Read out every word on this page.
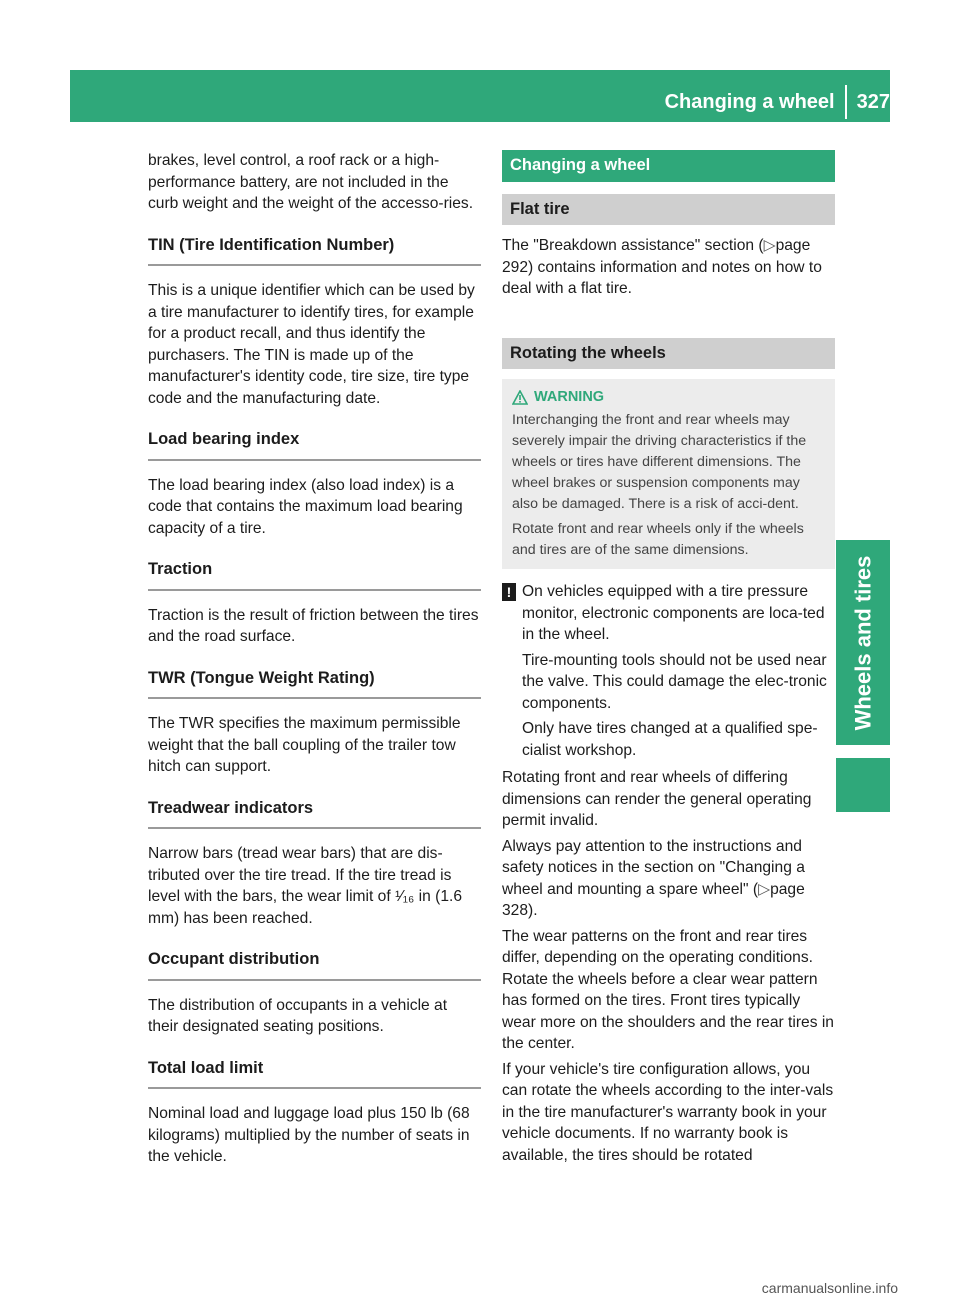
Changing a wheel 327
Wheels and tires

brakes, level control, a roof rack or a high-performance battery, are not included in the curb weight and the weight of the accesso-ries.

TIN (Tire Identification Number)

This is a unique identifier which can be used by a tire manufacturer to identify tires, for example for a product recall, and thus identify the purchasers. The TIN is made up of the manufacturer's identity code, tire size, tire type code and the manufacturing date.

Load bearing index

The load bearing index (also load index) is a code that contains the maximum load bearing capacity of a tire.

Traction

Traction is the result of friction between the tires and the road surface.

TWR (Tongue Weight Rating)

The TWR specifies the maximum permissible weight that the ball coupling of the trailer tow hitch can support.

Treadwear indicators

Narrow bars (tread wear bars) that are dis-tributed over the tire tread. If the tire tread is level with the bars, the wear limit of ¹⁄₁₆ in (1.6 mm) has been reached.

Occupant distribution

The distribution of occupants in a vehicle at their designated seating positions.

Total load limit

Nominal load and luggage load plus 150 lb (68 kilograms) multiplied by the number of seats in the vehicle.

Changing a wheel
Flat tire

The "Breakdown assistance" section (▷page 292) contains information and notes on how to deal with a flat tire.

Rotating the wheels
WARNING

Interchanging the front and rear wheels may severely impair the driving characteristics if the wheels or tires have different dimensions. The wheel brakes or suspension components may also be damaged. There is a risk of acci-dent.

Rotate front and rear wheels only if the wheels and tires are of the same dimensions.

! On vehicles equipped with a tire pressure monitor, electronic components are loca-ted in the wheel.

Tire-mounting tools should not be used near the valve. This could damage the elec-tronic components.

Only have tires changed at a qualified spe-cialist workshop.

Rotating front and rear wheels of differing dimensions can render the general operating permit invalid.

Always pay attention to the instructions and safety notices in the section on "Changing a wheel and mounting a spare wheel" (▷page 328).

The wear patterns on the front and rear tires differ, depending on the operating conditions. Rotate the wheels before a clear wear pattern has formed on the tires. Front tires typically wear more on the shoulders and the rear tires in the center.

If your vehicle's tire configuration allows, you can rotate the wheels according to the inter-vals in the tire manufacturer's warranty book in your vehicle documents. If no warranty book is available, the tires should be rotated

carmanualsonline.info
